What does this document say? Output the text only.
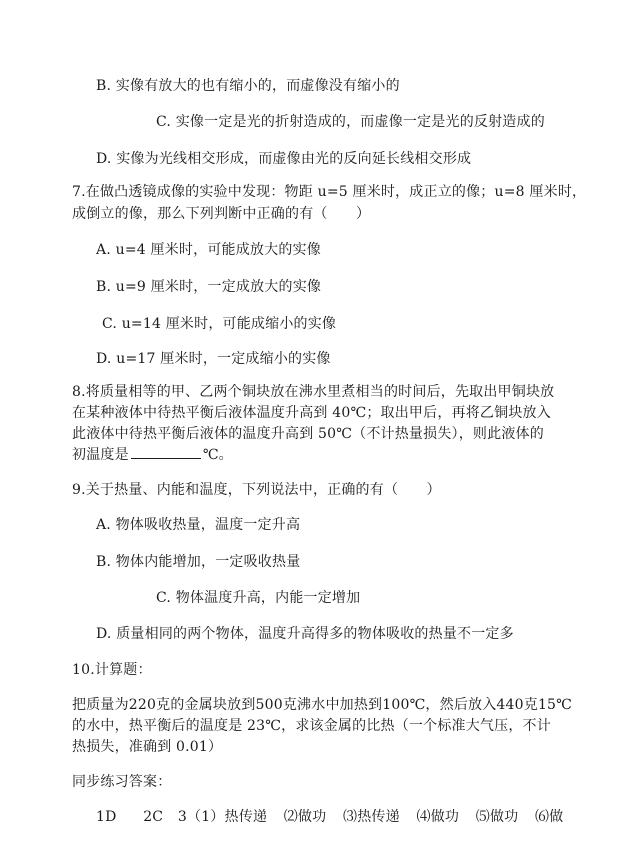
B. 实像有放大的也有缩小的，而虚像没有缩小的
C. 实像一定是光的折射造成的，而虚像一定是光的反射造成的
D. 实像为光线相交形成，而虚像由光的反向延长线相交形成
7.在做凸透镜成像的实验中发现：物距 u=5 厘米时，成正立的像；u=8 厘米时，
成倒立的像，那么下列判断中正确的有（　　）
A. u=4 厘米时，可能成放大的实像
B. u=9 厘米时，一定成放大的实像
C. u=14 厘米时，可能成缩小的实像
D. u=17 厘米时，一定成缩小的实像
8.将质量相等的甲、乙两个铜块放在沸水里煮相当的时间后，先取出甲铜块放
在某种液体中待热平衡后液体温度升高到 40℃；取出甲后，再将乙铜块放入
此液体中待热平衡后液体的温度升高到 50℃（不计热量损失），则此液体的
初温度是	℃。
9.关于热量、内能和温度，下列说法中，正确的有（　　）
A. 物体吸收热量，温度一定升高
B. 物体内能增加，一定吸收热量
C. 物体温度升高，内能一定增加
D. 质量相同的两个物体，温度升高得多的物体吸收的热量不一定多
10.计算题：
把质量为220克的金属块放到500克沸水中加热到100℃，然后放入440克15℃
的水中，热平衡后的温度是 23℃，求该金属的比热（一个标准大气压，不计
热损失，准确到 0.01）
同步练习答案：
1D 2C 3（1）热传递 ⑵做功 ⑶热传递 ⑷做功 ⑸做功 ⑹做
